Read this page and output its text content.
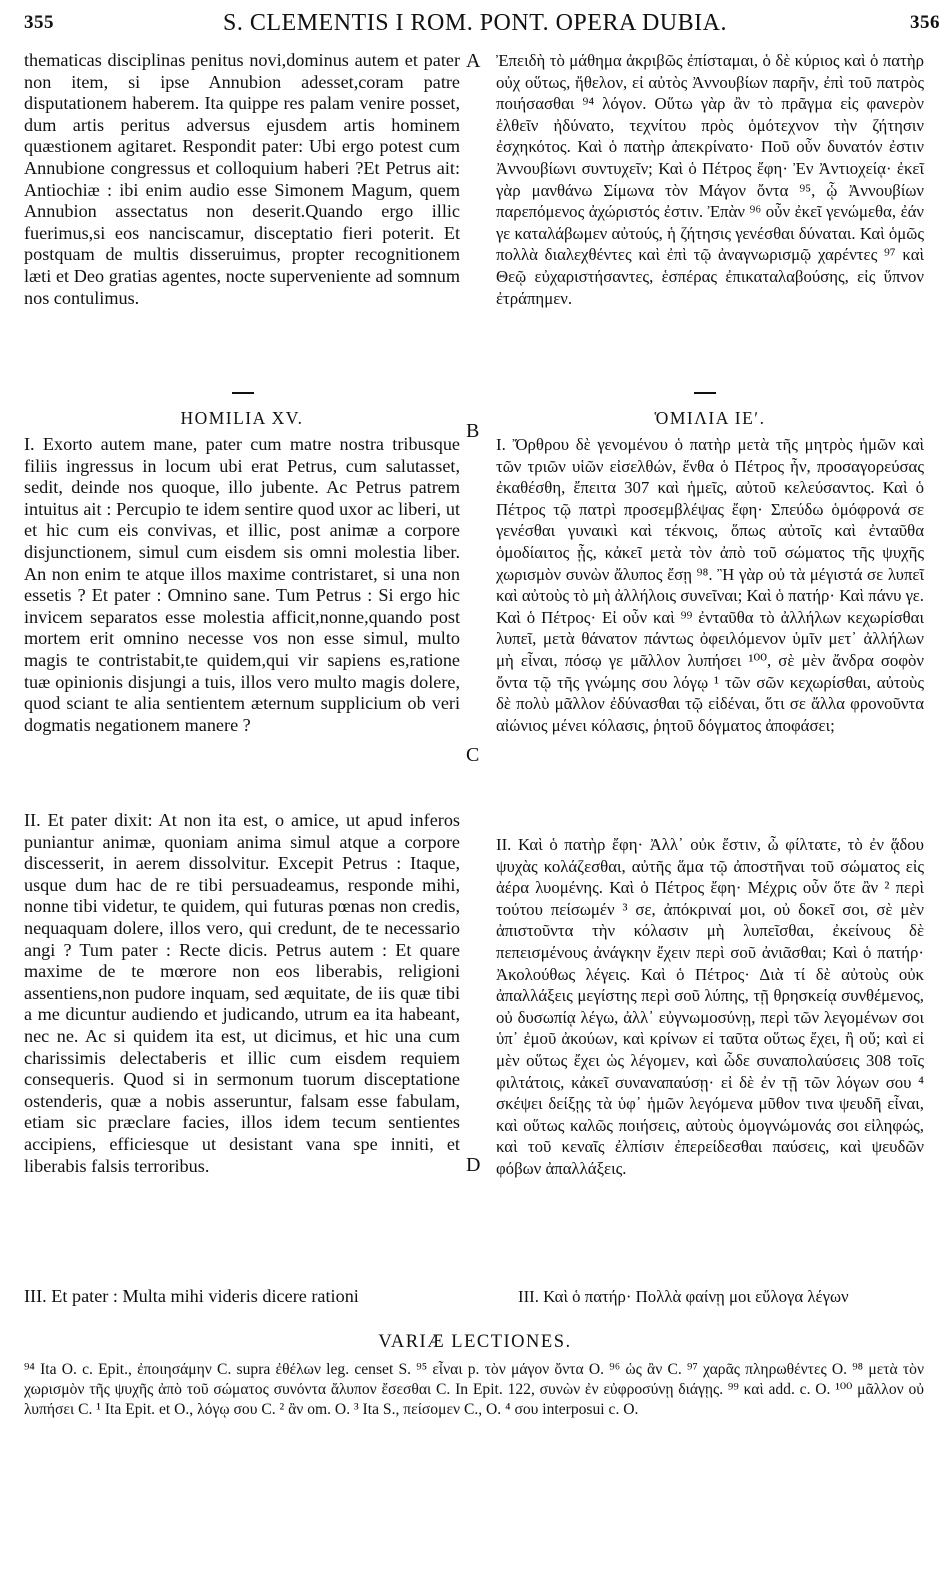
355	S. CLEMENTIS I ROM. PONT. OPERA DUBIA.	356

thematicas disciplinas penitus novi,dominus autem et pater non item, si ipse Annubion adesset,coram patre disputationem haberem. Ita quippe res palam venire posset, dum artis peritus adversus ejusdem artis hominem quæstionem agitaret. Respondit pater: Ubi ergo potest cum Annubione congressus et colloquium haberi ?Et Petrus ait: Antiochiæ : ibi enim audio esse Simonem Magum, quem Annubion assectatus non deserit.Quando ergo illic fuerimus,si eos nanciscamur, disceptatio fieri poterit. Et postquam de multis disseruimus, propter recognitionem læti et Deo gratias agentes, nocte superveniente ad somnum nos contulimus.

HOMILIA XV.	ὉΜΙΛΙΑ ΙΕʹ.

I. Exorto autem mane, pater cum matre nostra tribusque filiis ingressus in locum ubi erat Petrus, cum salutasset, sedit, deinde nos quoque, illo jubente. Ac Petrus patrem intuitus ait : Percupio te idem sentire quod uxor ac liberi, ut et hic cum eis convivas, et illic, post animæ a corpore disjunctionem, simul cum eisdem sis omni molestia liber. An non enim te atque illos maxime contristaret, si una non essetis ? Et pater : Omnino sane. Tum Petrus : Si ergo hic invicem separatos esse molestia afficit,nonne,quando post mortem erit omnino necesse vos non esse simul, multo magis te contristabit,te quidem,qui vir sapiens es,ratione tuæ opinionis disjungi a tuis, illos vero multo magis dolere, quod sciant te alia sentientem æternum supplicium ob veri dogmatis negationem manere ?

II. Et pater dixit: At non ita est, o amice, ut apud inferos puniantur animæ, quoniam anima simul atque a corpore discesserit, in aerem dissolvitur. Excepit Petrus : Itaque, usque dum hac de re tibi persuadeamus, responde mihi, nonne tibi videtur, te quidem, qui futuras pœnas non credis, nequaquam dolere, illos vero, qui credunt, de te necessario angi ? Tum pater : Recte dicis. Petrus autem : Et quare maxime de te mœrore non eos liberabis, religioni assentiens,non pudore inquam, sed æquitate, de iis quæ tibi a me dicuntur audiendo et judicando, utrum ea ita habeant, nec ne. Ac si quidem ita est, ut dicimus, et hic una cum charissimis delectaberis et illic cum eisdem requiem consequeris. Quod si in sermonum tuorum disceptatione ostenderis, quæ a nobis asseruntur, falsam esse fabulam, etiam sic præclare facies, illos idem tecum sentientes accipiens, efficiesque ut desistant vana spe inniti, et liberabis falsis terroribus.

III. Et pater : Multa mihi videris dicere rationi

A
B
C
D

Ἐπειδὴ τὸ μάθημα ἀκριβῶς ἐπίσταμαι, ὁ δὲ κύριος καὶ ὁ πατὴρ οὐχ οὕτως, ἤθελον, εἰ αὐτὸς Ἀννουβίων παρῆν, ἐπὶ τοῦ πατρὸς ποιήσασθαι ⁹⁴ λόγον. Οὕτω γὰρ ἂν τὸ πρᾶγμα εἰς φανερὸν ἐλθεῖν ἠδύνατο, τεχνίτου πρὸς ὁμότεχνον τὴν ζήτησιν ἐσχηκότος. Καὶ ὁ πατὴρ ἀπεκρίνατο· Ποῦ οὖν δυνατόν ἐστιν Ἀννουβίωνι συντυχεῖν; Καὶ ὁ Πέτρος ἔφη· Ἐν Ἀντιοχείᾳ· ἐκεῖ γὰρ μανθάνω Σίμωνα τὸν Μάγον ὄντα ⁹⁵, ᾧ Ἀννουβίων παρεπόμενος ἀχώριστός ἐστιν. Ἐπὰν ⁹⁶ οὖν ἐκεῖ γενώμεθα, ἐάν γε καταλάβωμεν αὐτούς, ἡ ζήτησις γενέσθαι δύναται. Καὶ ὁμῶς πολλὰ διαλεχθέντες καὶ ἐπὶ τῷ ἀναγνωρισμῷ χαρέντες ⁹⁷ καὶ Θεῷ εὐχαριστήσαντες, ἑσπέρας ἐπικαταλαβούσης, εἰς ὕπνον ἐτράπημεν.

I. Ὄρθρου δὲ γενομένου ὁ πατὴρ μετὰ τῆς μητρὸς ἡμῶν καὶ τῶν τριῶν υἱῶν εἰσελθών, ἔνθα ὁ Πέτρος ἦν, προσαγορεύσας ἐκαθέσθη, ἔπειτα 307 καὶ ἡμεῖς, αὐτοῦ κελεύσαντος. Καὶ ὁ Πέτρος τῷ πατρὶ προσεμβλέψας ἔφη· Σπεύδω ὁμόφρονά σε γενέσθαι γυναικὶ καὶ τέκνοις, ὅπως αὐτοῖς καὶ ἐνταῦθα ὁμοδίαιτος ᾖς, κἀκεῖ μετὰ τὸν ἀπὸ τοῦ σώματος τῆς ψυχῆς χωρισμὸν συνὼν ἄλυπος ἔσῃ ⁹⁸. Ἢ γὰρ οὐ τὰ μέγιστά σε λυπεῖ καὶ αὐτοὺς τὸ μὴ ἀλλήλοις συνεῖναι; Καὶ ὁ πατήρ· Καὶ πάνυ γε. Καὶ ὁ Πέτρος· Εἰ οὖν καὶ ⁹⁹ ἐνταῦθα τὸ ἀλλήλων κεχωρίσθαι λυπεῖ, μετὰ θάνατον πάντως ὀφειλόμενον ὑμῖν μετ᾽ ἀλλήλων μὴ εἶναι, πόσῳ γε μᾶλλον λυπήσει ¹⁰⁰, σὲ μὲν ἄνδρα σοφὸν ὄντα τῷ τῆς γνώμης σου λόγῳ ¹ τῶν σῶν κεχωρίσθαι, αὐτοὺς δὲ πολὺ μᾶλλον ἐδύνασθαι τῷ εἰδέναι, ὅτι σε ἄλλα φρονοῦντα αἰώνιος μένει κόλασις, ῥητοῦ δόγματος ἀποφάσει;

II. Καὶ ὁ πατὴρ ἔφη· Ἀλλ᾽ οὐκ ἔστιν, ὦ φίλτατε, τὸ ἐν ᾅδου ψυχὰς κολάζεσθαι, αὐτῆς ἅμα τῷ ἀποστῆναι τοῦ σώματος εἰς ἀέρα λυομένης. Καὶ ὁ Πέτρος ἔφη· Μέχρις οὖν ὅτε ἂν ² περὶ τούτου πείσωμέν ³ σε, ἀπόκριναί μοι, οὐ δοκεῖ σοι, σὲ μὲν ἀπιστοῦντα τὴν κόλασιν μὴ λυπεῖσθαι, ἐκείνους δὲ πεπεισμένους ἀνάγκην ἔχειν περὶ σοῦ ἀνιᾶσθαι; Καὶ ὁ πατήρ· Ἀκολούθως λέγεις. Καὶ ὁ Πέτρος· Διὰ τί δὲ αὐτοὺς οὐκ ἀπαλλάξεις μεγίστης περὶ σοῦ λύπης, τῇ θρησκείᾳ συνθέμενος, οὐ δυσωπίᾳ λέγω, ἀλλ᾽ εὐγνωμοσύνῃ, περὶ τῶν λεγομένων σοι ὑπ᾽ ἐμοῦ ἀκούων, καὶ κρίνων εἰ ταῦτα οὕτως ἔχει, ἢ οὔ; καὶ εἰ μὲν οὕτως ἔχει ὡς λέγομεν, καὶ ὧδε συναπολαύσεις 308 τοῖς φιλτάτοις, κἀκεῖ συναναπαύσῃ· εἰ δὲ ἐν τῇ τῶν λόγων σου ⁴ σκέψει δείξῃς τὰ ὑφ᾽ ἡμῶν λεγόμενα μῦθον τινα ψευδῆ εἶναι, καὶ οὕτως καλῶς ποιήσεις, αὐτοὺς ὁμογνώμονάς σοι εἰληφώς, καὶ τοῦ κεναῖς ἐλπίσιν ἐπερείδεσθαι παύσεις, καὶ ψευδῶν φόβων ἀπαλλάξεις.

III. Καὶ ὁ πατήρ· Πολλὰ φαίνῃ μοι εὔλογα λέγων

VARIÆ LECTIONES.
⁹⁴ Ita O. c. Epit., ἐποιησάμην C. supra ἐθέλων leg. censet S. ⁹⁵ εἶναι p. τὸν μάγον ὄντα O. ⁹⁶ ὡς ἂν C. ⁹⁷ χαρᾶς πληρωθέντες O. ⁹⁸ μετὰ τὸν χωρισμὸν τῆς ψυχῆς ἀπὸ τοῦ σώματος συνόντα ἄλυπον ἔσεσθαι C. In Epit. 122, συνὼν ἐν εὐφροσύνῃ διάγῃς. ⁹⁹ καὶ add. c. O. ¹⁰⁰ μᾶλλον οὐ λυπήσει C. ¹ Ita Epit. et O., λόγῳ σου C. ² ἂν om. O. ³ Ita S., πείσομεν C., O. ⁴ σου interposui c. O.
